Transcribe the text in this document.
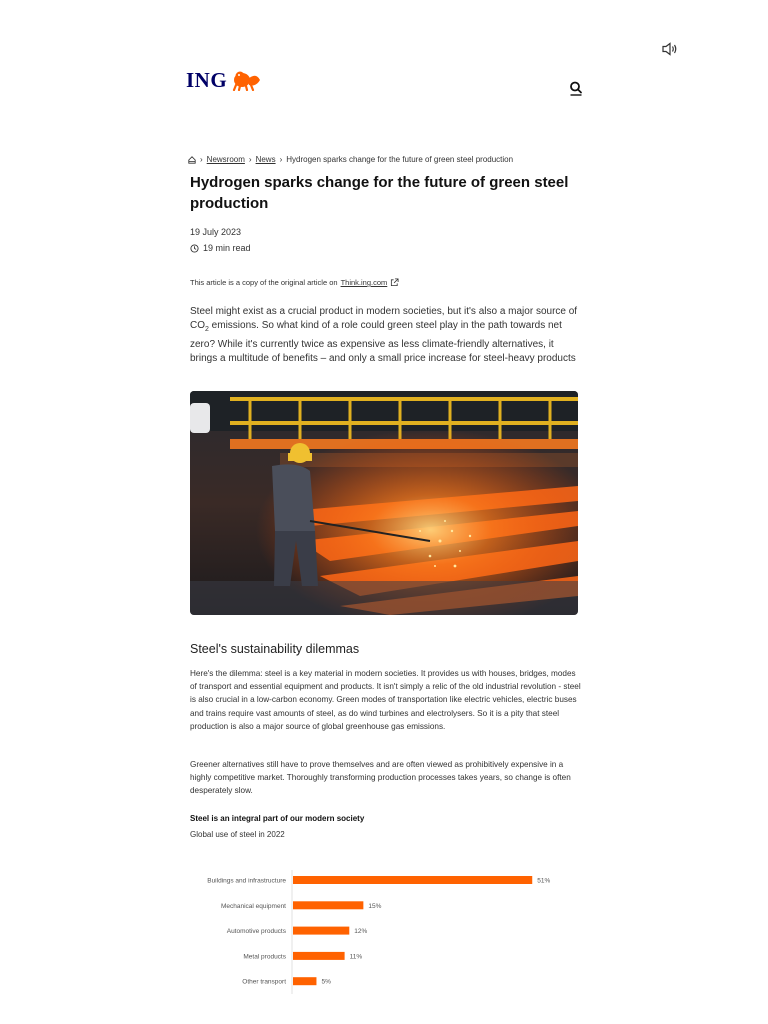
ING
› Newsroom › News › Hydrogen sparks change for the future of green steel production
Hydrogen sparks change for the future of green steel production
19 July 2023
19 min read
This article is a copy of the original article on Think.ing.com
Steel might exist as a crucial product in modern societies, but it's also a major source of $CO_2$ emissions. So what kind of a role could green steel play in the path towards net zero? While it's currently twice as expensive as less climate-friendly alternatives, it brings a multitude of benefits – and only a small price increase for steel-heavy products
Steel's sustainability dilemmas

Here's the dilemma: steel is a key material in modern societies. It provides us with houses, bridges, modes of transport and essential equipment and products. It isn't simply a relic of the old industrial revolution - steel is also crucial in a low-carbon economy. Green modes of transportation like electric vehicles, electric buses and trains require vast amounts of steel, as do wind turbines and electrolysers. So it is a pity that steel production is also a major source of global greenhouse gas emissions.

Greener alternatives still have to prove themselves and are often viewed as prohibitively expensive in a highly competitive market. Thoroughly transforming production processes takes years, so change is often desperately slow.

Steel is an integral part of our modern society
Global use of steel in 2022
Buildings and infrastructure	51%
Mechanical equipment	15%
Automotive products	12%
Metal products	11%
Other transport	5%
